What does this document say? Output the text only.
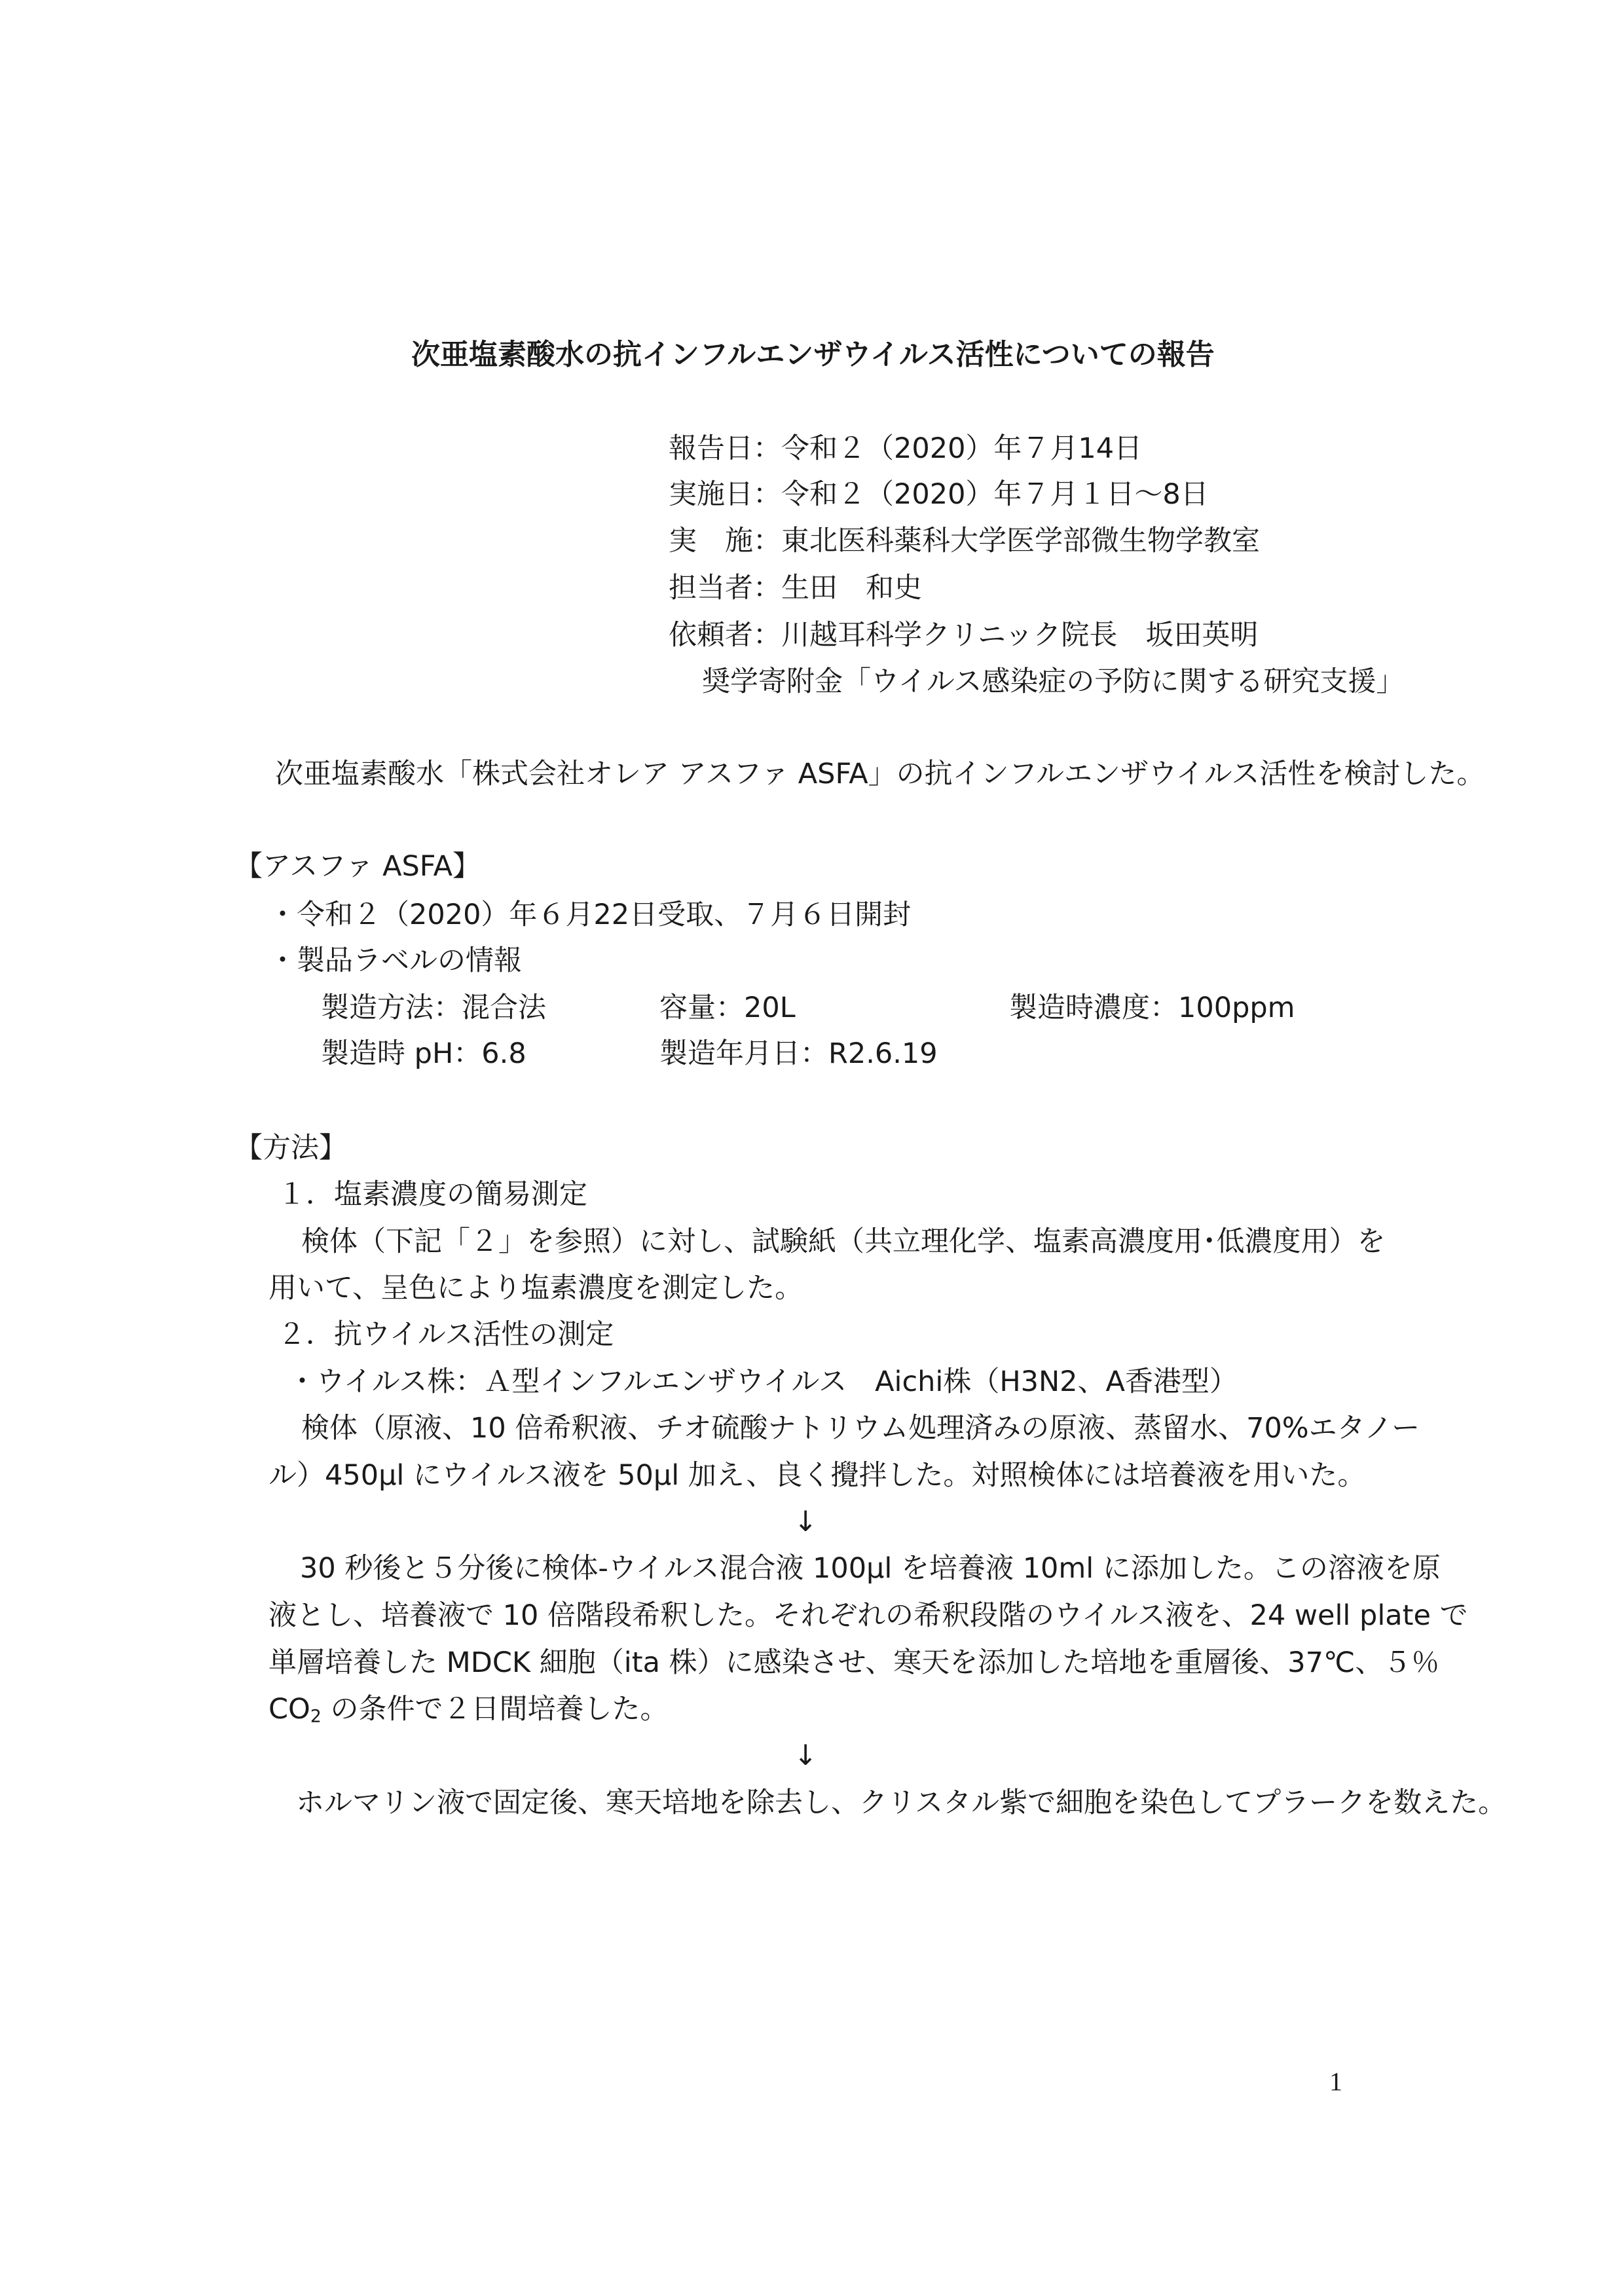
次亜塩素酸水の抗インフルエンザウイルス活性についての報告
報告日：令和２（2020）年７月14日
実施日：令和２（2020）年７月１日〜8日
実　施：東北医科薬科大学医学部微生物学教室
担当者：生田　和史
依頼者：川越耳科学クリニック院長　坂田英明
奨学寄附金「ウイルス感染症の予防に関する研究支援」
次亜塩素酸水「株式会社オレア アスファ ASFA」の抗インフルエンザウイルス活性を検討した。
【アスファ ASFA】
・令和２（2020）年６月22日受取、７月６日開封
・製品ラベルの情報
製造方法：混合法	容量：20L	製造時濃度：100ppm
製造時 pH：6.8	製造年月日：R2.6.19
【方法】
１．塩素濃度の簡易測定
検体（下記「２」を参照）に対し、試験紙（共立理化学、塩素高濃度用･低濃度用）を
用いて、呈色により塩素濃度を測定した。
２．抗ウイルス活性の測定
・ウイルス株：Ａ型インフルエンザウイルス　Aichi株（H3N2、A香港型）
検体（原液、10 倍希釈液、チオ硫酸ナトリウム処理済みの原液、蒸留水、70%エタノー
ル）450µl にウイルス液を 50µl 加え、良く攪拌した。対照検体には培養液を用いた。
↓
30 秒後と５分後に検体-ウイルス混合液 100µl を培養液 10ml に添加した。この溶液を原
液とし、培養液で 10 倍階段希釈した。それぞれの希釈段階のウイルス液を、24 well plate で
単層培養した MDCK 細胞（ita 株）に感染させ、寒天を添加した培地を重層後、37℃、５％
$CO_2$ の条件で２日間培養した。
↓
ホルマリン液で固定後、寒天培地を除去し、クリスタル紫で細胞を染色してプラークを数えた。
1
